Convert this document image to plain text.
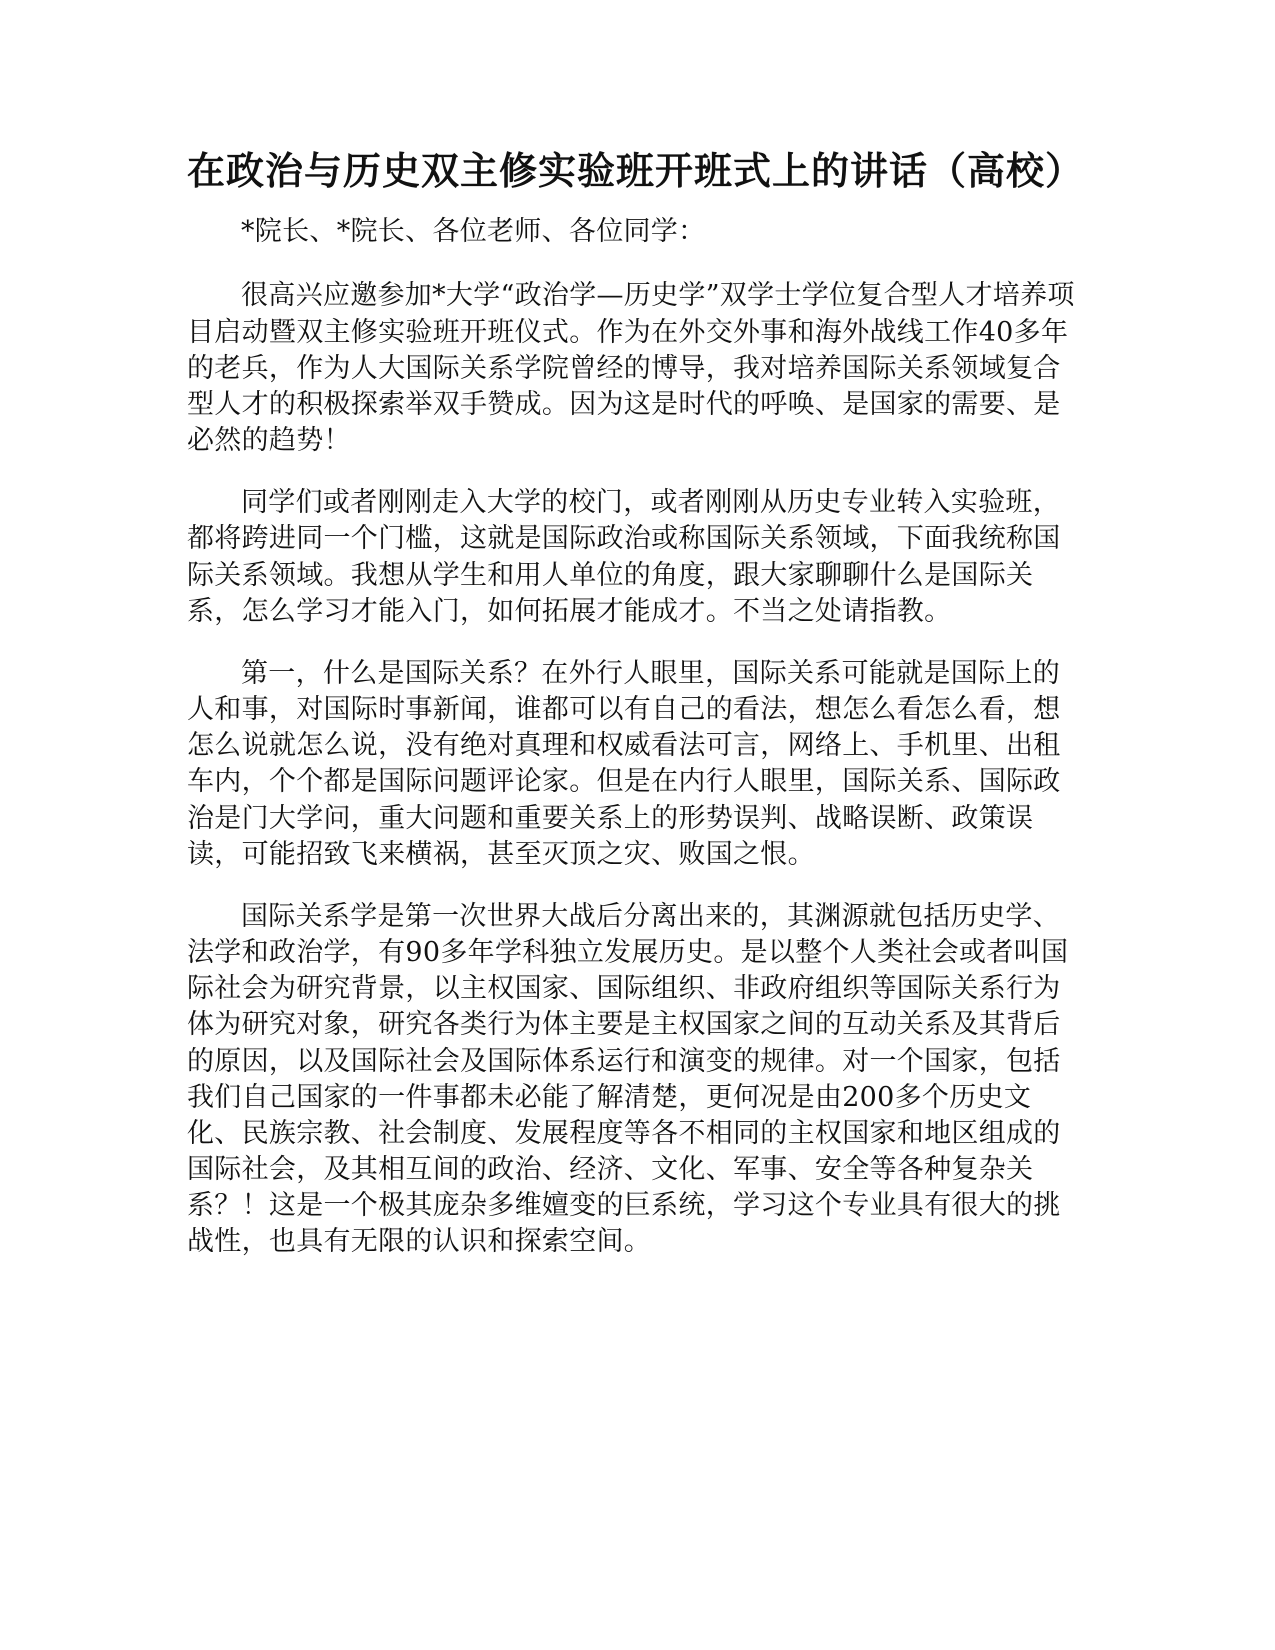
在政治与历史双主修实验班开班式上的讲话（高校）

*院长、*院长、各位老师、各位同学：

很高兴应邀参加*大学“政治学—历史学”双学士学位复合型人才培养项目启动暨双主修实验班开班仪式。作为在外交外事和海外战线工作40多年的老兵，作为人大国际关系学院曾经的博导，我对培养国际关系领域复合型人才的积极探索举双手赞成。因为这是时代的呼唤、是国家的需要、是必然的趋势！

同学们或者刚刚走入大学的校门，或者刚刚从历史专业转入实验班，都将跨进同一个门槛，这就是国际政治或称国际关系领域，下面我统称国际关系领域。我想从学生和用人单位的角度，跟大家聊聊什么是国际关系，怎么学习才能入门，如何拓展才能成才。不当之处请指教。

第一，什么是国际关系？在外行人眼里，国际关系可能就是国际上的人和事，对国际时事新闻，谁都可以有自己的看法，想怎么看怎么看，想怎么说就怎么说，没有绝对真理和权威看法可言，网络上、手机里、出租车内，个个都是国际问题评论家。但是在内行人眼里，国际关系、国际政治是门大学问，重大问题和重要关系上的形势误判、战略误断、政策误读，可能招致飞来横祸，甚至灭顶之灾、败国之恨。

国际关系学是第一次世界大战后分离出来的，其渊源就包括历史学、法学和政治学，有90多年学科独立发展历史。是以整个人类社会或者叫国际社会为研究背景，以主权国家、国际组织、非政府组织等国际关系行为体为研究对象，研究各类行为体主要是主权国家之间的互动关系及其背后的原因，以及国际社会及国际体系运行和演变的规律。对一个国家，包括我们自己国家的一件事都未必能了解清楚，更何况是由200多个历史文化、民族宗教、社会制度、发展程度等各不相同的主权国家和地区组成的国际社会，及其相互间的政治、经济、文化、军事、安全等各种复杂关系？！这是一个极其庞杂多维嬗变的巨系统，学习这个专业具有很大的挑战性，也具有无限的认识和探索空间。
